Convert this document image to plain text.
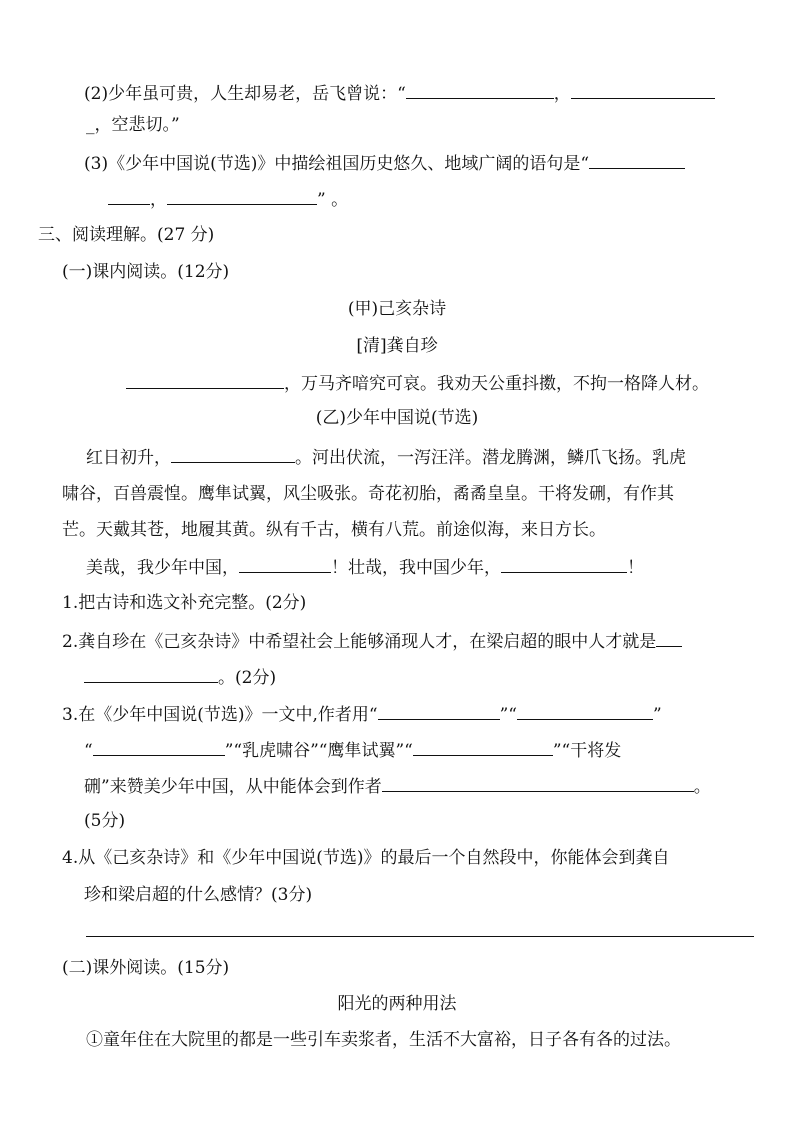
(2)少年虽可贵，人生却易老，岳飞曾说：“	，
_，空悲切。”
(3)《少年中国说(节选)》中描绘祖国历史悠久、地域广阔的语句是“
，	” 。
三、阅读理解。(27 分)
(一)课内阅读。(12分)
(甲)己亥杂诗
[清]龚自珍
，万马齐喑究可哀。我劝天公重抖擞，不拘一格降人材。
(乙)少年中国说(节选)
红日初升，	。河出伏流，一泻汪洋。潜龙腾渊，鳞爪飞扬。乳虎
啸谷，百兽震惶。鹰隼试翼，风尘吸张。奇花初胎，矞矞皇皇。干将发硎，有作其
芒。天戴其苍，地履其黄。纵有千古，横有八荒。前途似海，来日方长。
美哉，我少年中国，	！壮哉，我中国少年，	！
1.把古诗和选文补充完整。(2分)
2.龚自珍在《己亥杂诗》中希望社会上能够涌现人才，在梁启超的眼中人才就是
。(2分)
3.在《少年中国说(节选)》一文中,作者用“	”“	”
“	”“乳虎啸谷”“鹰隼试翼”“	”“干将发
硎”来赞美少年中国，从中能体会到作者	。
(5分)
4.从《己亥杂诗》和《少年中国说(节选)》的最后一个自然段中，你能体会到龚自
珍和梁启超的什么感情？(3分)
(二)课外阅读。(15分)
阳光的两种用法
①童年住在大院里的都是一些引车卖浆者，生活不大富裕，日子各有各的过法。
